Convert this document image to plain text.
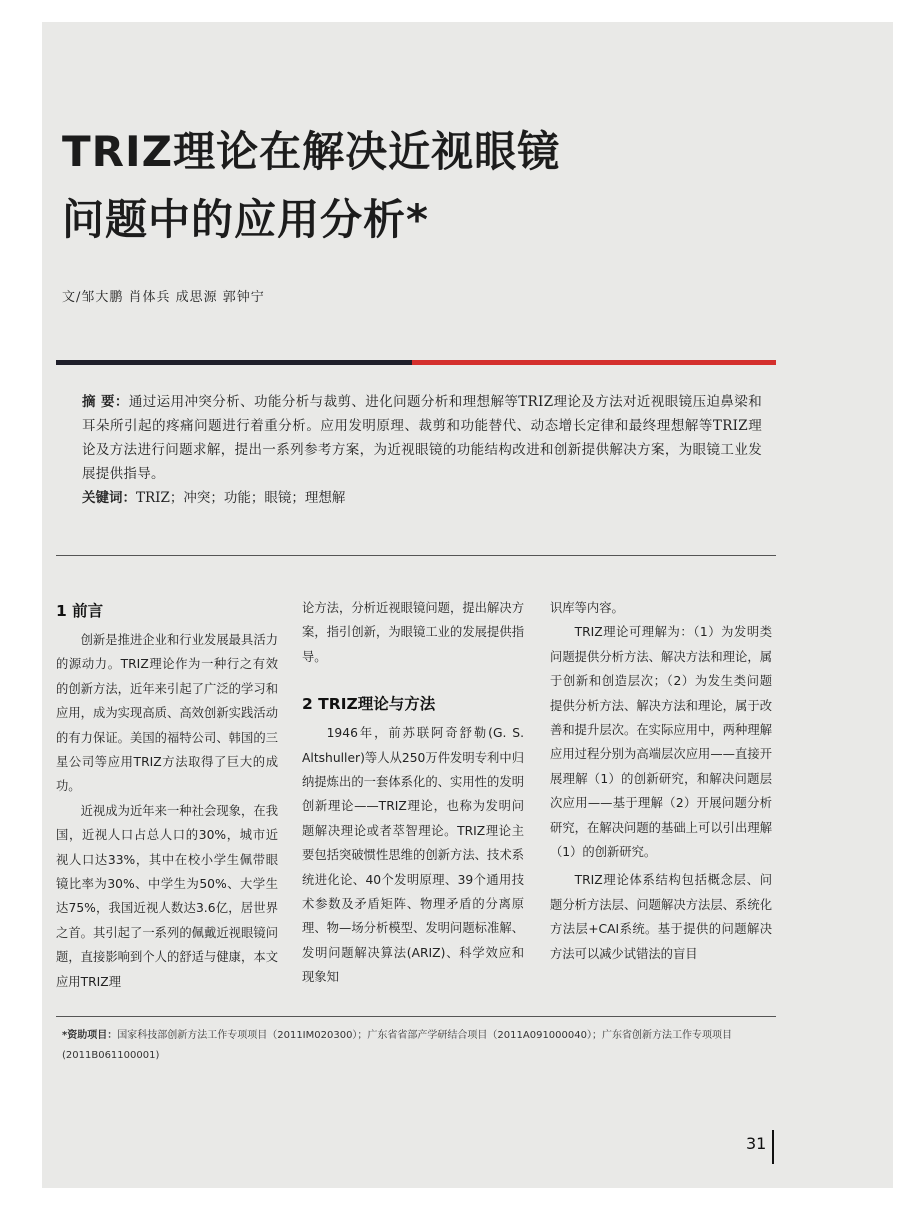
TRIZ理论在解决近视眼镜
问题中的应用分析*
文/邹大鹏 肖体兵 成思源 郭钟宁
摘 要：通过运用冲突分析、功能分析与裁剪、进化问题分析和理想解等TRIZ理论及方法对近视眼镜压迫鼻梁和耳朵所引起的疼痛问题进行着重分析。应用发明原理、裁剪和功能替代、动态增长定律和最终理想解等TRIZ理论及方法进行问题求解，提出一系列参考方案，为近视眼镜的功能结构改进和创新提供解决方案，为眼镜工业发展提供指导。
关键词：TRIZ；冲突；功能；眼镜；理想解
1 前言

创新是推进企业和行业发展最具活力的源动力。TRIZ理论作为一种行之有效的创新方法，近年来引起了广泛的学习和应用，成为实现高质、高效创新实践活动的有力保证。美国的福特公司、韩国的三星公司等应用TRIZ方法取得了巨大的成功。

近视成为近年来一种社会现象，在我国，近视人口占总人口的30%，城市近视人口达33%，其中在校小学生佩带眼镜比率为30%、中学生为50%、大学生达75%，我国近视人数达3.6亿，居世界之首。其引起了一系列的佩戴近视眼镜问题，直接影响到个人的舒适与健康，本文应用TRIZ理

论方法，分析近视眼镜问题，提出解决方案，指引创新，为眼镜工业的发展提供指导。

2 TRIZ理论与方法

1946年，前苏联阿奇舒勒(G. S. Altshuller)等人从250万件发明专利中归纳提炼出的一套体系化的、实用性的发明创新理论——TRIZ理论，也称为发明问题解决理论或者萃智理论。TRIZ理论主要包括突破惯性思维的创新方法、技术系统进化论、40个发明原理、39个通用技术参数及矛盾矩阵、物理矛盾的分离原理、物—场分析模型、发明问题标准解、发明问题解决算法(ARIZ)、科学效应和现象知

识库等内容。

TRIZ理论可理解为：（1）为发明类问题提供分析方法、解决方法和理论，属于创新和创造层次；（2）为发生类问题提供分析方法、解决方法和理论，属于改善和提升层次。在实际应用中，两种理解应用过程分别为高端层次应用——直接开展理解（1）的创新研究，和解决问题层次应用——基于理解（2）开展问题分析研究，在解决问题的基础上可以引出理解（1）的创新研究。

TRIZ理论体系结构包括概念层、问题分析方法层、问题解决方法层、系统化方法层+CAI系统。基于提供的问题解决方法可以减少试错法的盲目

*资助项目：国家科技部创新方法工作专项项目（2011IM020300）；广东省省部产学研结合项目（2011A091000040）；广东省创新方法工作专项项目(2011B061100001)
31
